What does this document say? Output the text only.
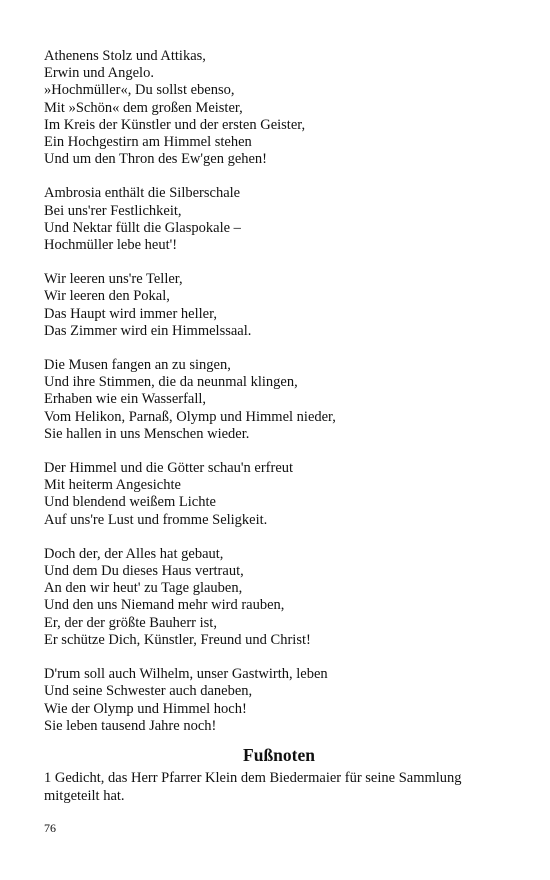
Athenens Stolz und Attikas,
Erwin und Angelo.
»Hochmüller«, Du sollst ebenso,
Mit »Schön« dem großen Meister,
Im Kreis der Künstler und der ersten Geister,
Ein Hochgestirn am Himmel stehen
Und um den Thron des Ew'gen gehen!
Ambrosia enthält die Silberschale
Bei uns'rer Festlichkeit,
Und Nektar füllt die Glaspokale –
Hochmüller lebe heut'!
Wir leeren uns're Teller,
Wir leeren den Pokal,
Das Haupt wird immer heller,
Das Zimmer wird ein Himmelssaal.
Die Musen fangen an zu singen,
Und ihre Stimmen, die da neunmal klingen,
Erhaben wie ein Wasserfall,
Vom Helikon, Parnaß, Olymp und Himmel nieder,
Sie hallen in uns Menschen wieder.
Der Himmel und die Götter schau'n erfreut
Mit heiterm Angesichte
Und blendend weißem Lichte
Auf uns're Lust und fromme Seligkeit.
Doch der, der Alles hat gebaut,
Und dem Du dieses Haus vertraut,
An den wir heut' zu Tage glauben,
Und den uns Niemand mehr wird rauben,
Er, der der größte Bauherr ist,
Er schütze Dich, Künstler, Freund und Christ!
D'rum soll auch Wilhelm, unser Gastwirth, leben
Und seine Schwester auch daneben,
Wie der Olymp und Himmel hoch!
Sie leben tausend Jahre noch!
Fußnoten

1 Gedicht, das Herr Pfarrer Klein dem Biedermaier für seine Sammlung mitgeteilt hat.

76
